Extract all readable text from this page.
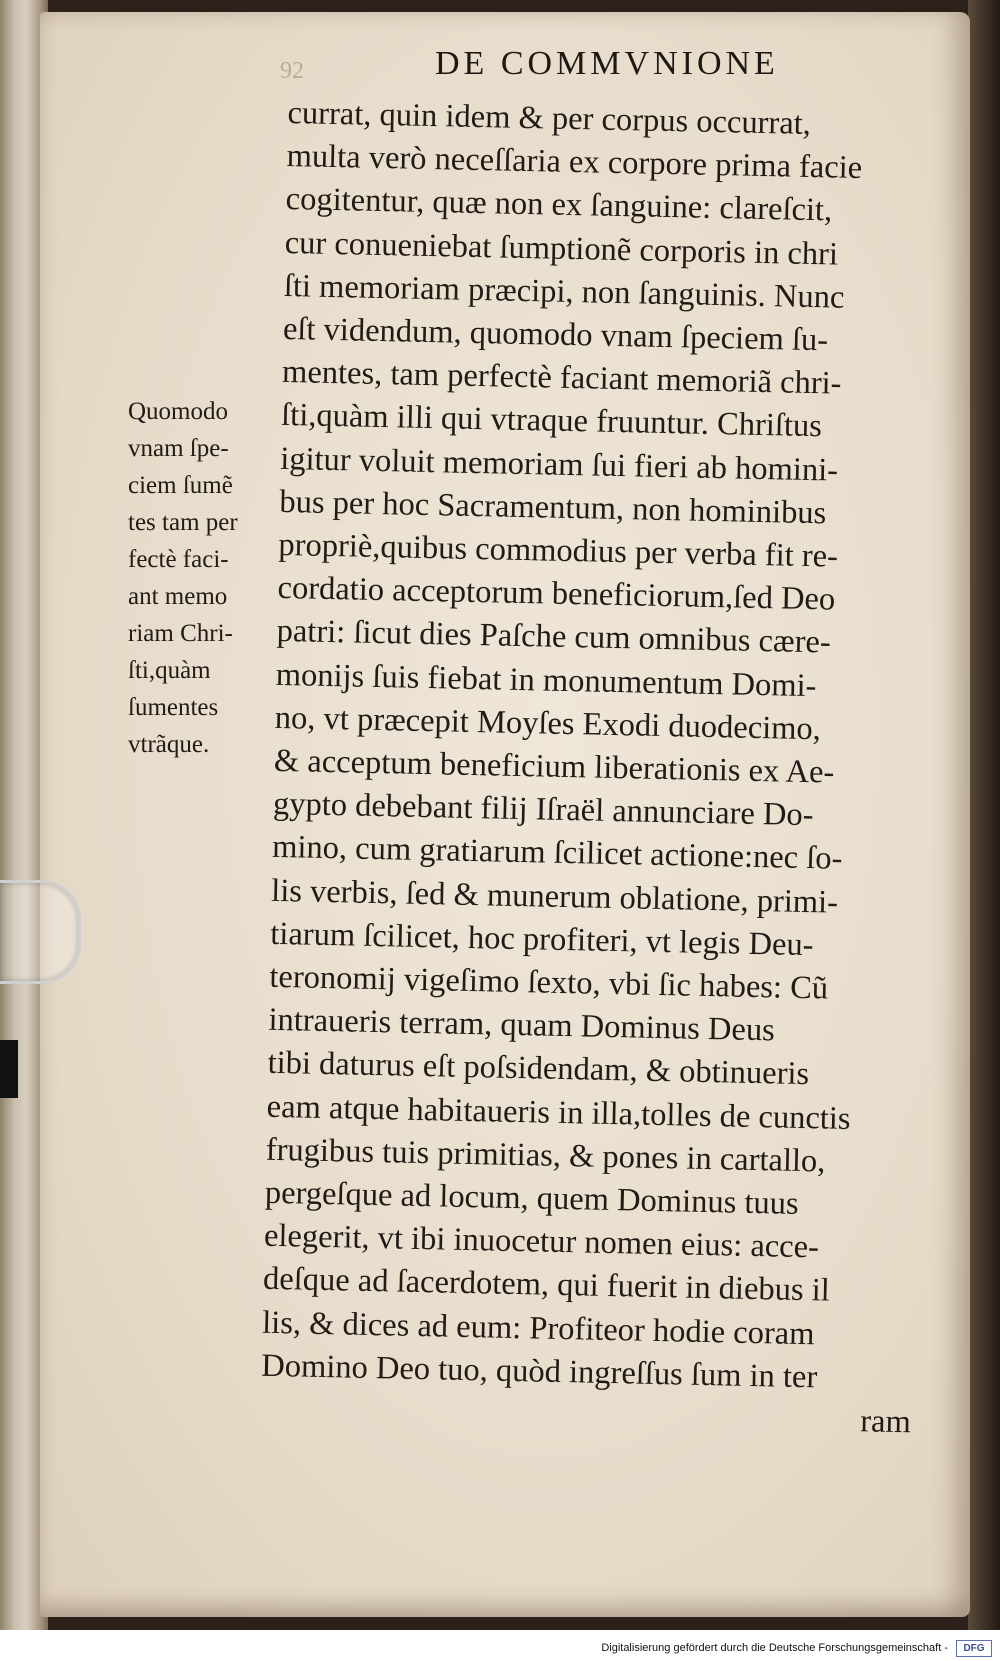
92	DE COMMVNIONE
currat, quin idem & per corpus occurrat,
multa verò neceſſaria ex corpore prima facie
cogitentur, quæ non ex ſanguine: clareſcit,
cur conueniebat ſumptionẽ corporis in chri
ſti memoriam præcipi, non ſanguinis. Nunc
eſt videndum, quomodo vnam ſpeciem ſu-
mentes, tam perfectè faciant memoriã chri-
ſti,quàm illi qui vtraque fruuntur. Chriſtus
igitur voluit memoriam ſui fieri ab homini-
bus per hoc Sacramentum, non hominibus
propriè,quibus commodius per verba fit re-
cordatio acceptorum beneficiorum,ſed Deo
patri: ſicut dies Paſche cum omnibus cære-
monijs ſuis fiebat in monumentum Domi-
no, vt præcepit Moyſes Exodi duodecimo,
& acceptum beneficium liberationis ex Ae-
gypto debebant filij Iſraël annunciare Do-
mino, cum gratiarum ſcilicet actione:nec ſo-
lis verbis, ſed & munerum oblatione, primi-
tiarum ſcilicet, hoc profiteri, vt legis Deu-
teronomij vigeſimo ſexto, vbi ſic habes: Cũ
intraueris terram, quam Dominus Deus
tibi daturus eſt poſsidendam, & obtinueris
eam atque habitaueris in illa,tolles de cunctis
frugibus tuis primitias, & pones in cartallo,
pergeſque ad locum, quem Dominus tuus
elegerit, vt ibi inuocetur nomen eius: acce-
deſque ad ſacerdotem, qui fuerit in diebus il
lis, & dices ad eum: Profiteor hodie coram
Domino Deo tuo, quòd ingreſſus ſum in ter
ram
Quomodo
vnam ſpe-
ciem ſumẽ
tes tam per
fectè faci-
ant memo
riam Chri-
ſti,quàm
ſumentes
vtrãque.
Digitalisierung gefördert durch die Deutsche Forschungsgemeinschaft -	DFG
